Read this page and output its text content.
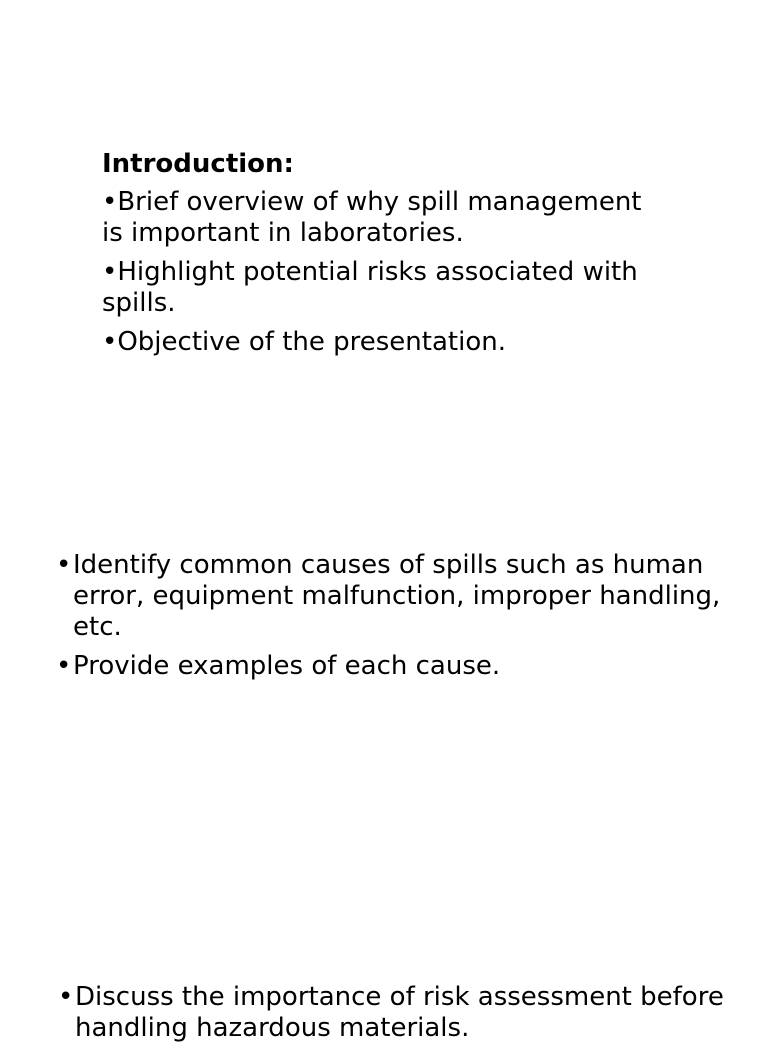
Introduction:
•Brief overview of why spill management is important in laboratories.
•Highlight potential risks associated with spills.
•Objective of the presentation.
• Identify common causes of spills such as human error, equipment malfunction, improper handling, etc.
• Provide examples of each cause.
• Discuss the importance of risk assessment before handling hazardous materials.
